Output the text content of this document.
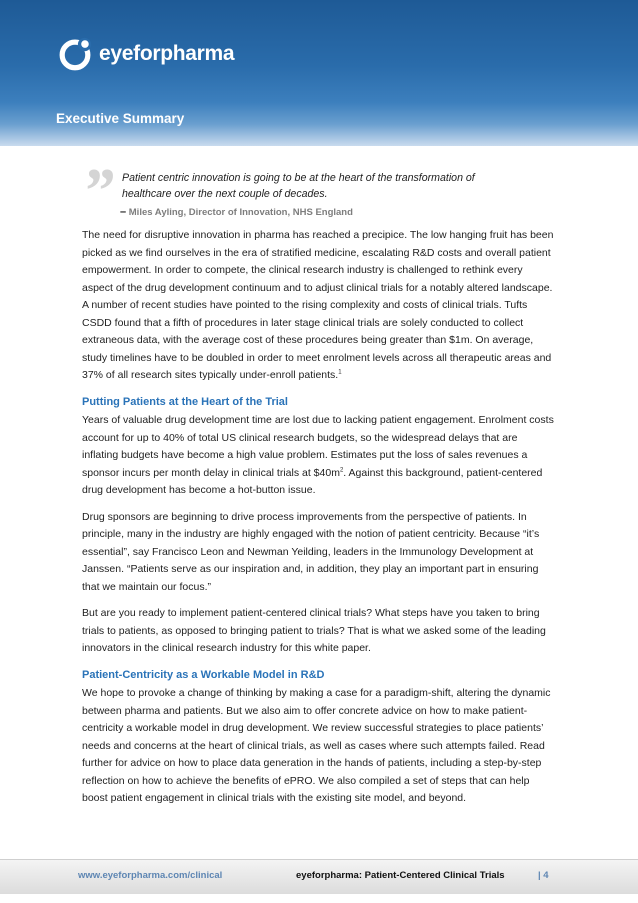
eyeforpharma
Executive Summary
” Patient centric innovation is going to be at the heart of the transformation of healthcare over the next couple of decades.

– Miles Ayling, Director of Innovation, NHS England

The need for disruptive innovation in pharma has reached a precipice. The low hanging fruit has been picked as we find ourselves in the era of stratified medicine, escalating R&D costs and overall patient empowerment. In order to compete, the clinical research industry is challenged to rethink every aspect of the drug development continuum and to adjust clinical trials for a notably altered landscape. A number of recent studies have pointed to the rising complexity and costs of clinical trials. Tufts CSDD found that a fifth of procedures in later stage clinical trials are solely conducted to collect extraneous data, with the average cost of these procedures being greater than $1m. On average, study timelines have to be doubled in order to meet enrolment levels across all therapeutic areas and 37% of all research sites typically under-enroll patients.$^1$

Putting Patients at the Heart of the Trial

Years of valuable drug development time are lost due to lacking patient engagement. Enrolment costs account for up to 40% of total US clinical research budgets, so the widespread delays that are inflating budgets have become a high value problem. Estimates put the loss of sales revenues a sponsor incurs per month delay in clinical trials at $\$40m^2$. Against this background, patient-centered drug development has become a hot-button issue.

Drug sponsors are beginning to drive process improvements from the perspective of patients. In principle, many in the industry are highly engaged with the notion of patient centricity. Because “it’s essential”, say Francisco Leon and Newman Yeilding, leaders in the Immunology Development at Janssen. “Patients serve as our inspiration and, in addition, they play an important part in ensuring that we maintain our focus.”

But are you ready to implement patient-centered clinical trials? What steps have you taken to bring trials to patients, as opposed to bringing patient to trials? That is what we asked some of the leading innovators in the clinical research industry for this white paper.

Patient-Centricity as a Workable Model in R&D

We hope to provoke a change of thinking by making a case for a paradigm-shift, altering the dynamic between pharma and patients. But we also aim to offer concrete advice on how to make patient-centricity a workable model in drug development. We review successful strategies to place patients’ needs and concerns at the heart of clinical trials, as well as cases where such attempts failed. Read further for advice on how to place data generation in the hands of patients, including a step-by-step reflection on how to achieve the benefits of ePRO. We also compiled a set of steps that can help boost patient engagement in clinical trials with the existing site model, and beyond.

www.eyeforpharma.com/clinical	eyeforpharma: Patient-Centered Clinical Trials	| 4
